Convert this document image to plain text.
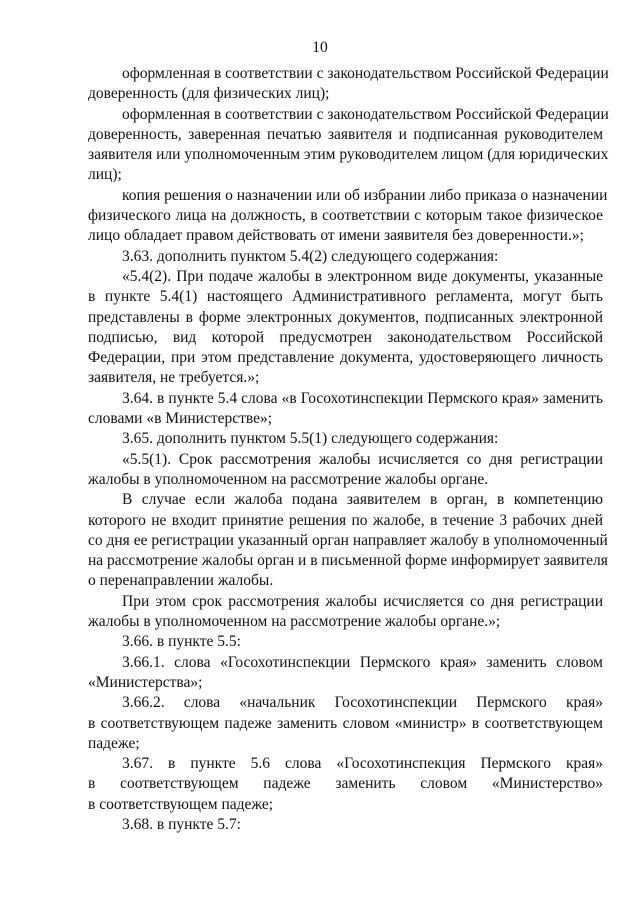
10

оформленная в соответствии с законодательством Российской Федерации
доверенность (для физических лиц);

оформленная в соответствии с законодательством Российской Федерации
доверенность, заверенная печатью заявителя и подписанная руководителем
заявителя или уполномоченным этим руководителем лицом (для юридических
лиц);

копия решения о назначении или об избрании либо приказа о назначении
физического лица на должность, в соответствии с которым такое физическое
лицо обладает правом действовать от имени заявителя без доверенности.»;

3.63. дополнить пунктом 5.4(2) следующего содержания:

«5.4(2). При подаче жалобы в электронном виде документы, указанные
в пункте 5.4(1) настоящего Административного регламента, могут быть
представлены в форме электронных документов, подписанных электронной
подписью, вид которой предусмотрен законодательством Российской
Федерации, при этом представление документа, удостоверяющего личность
заявителя, не требуется.»;

3.64. в пункте 5.4 слова «в Госохотинспекции Пермского края» заменить
словами «в Министерстве»;

3.65. дополнить пунктом 5.5(1) следующего содержания:

«5.5(1). Срок рассмотрения жалобы исчисляется со дня регистрации
жалобы в уполномоченном на рассмотрение жалобы органе.

В случае если жалоба подана заявителем в орган, в компетенцию
которого не входит принятие решения по жалобе, в течение 3 рабочих дней
со дня ее регистрации указанный орган направляет жалобу в уполномоченный
на рассмотрение жалобы орган и в письменной форме информирует заявителя
о перенаправлении жалобы.

При этом срок рассмотрения жалобы исчисляется со дня регистрации
жалобы в уполномоченном на рассмотрение жалобы органе.»;

3.66. в пункте 5.5:

3.66.1. слова «Госохотинспекции Пермского края» заменить словом
«Министерства»;

3.66.2. слова «начальник Госохотинспекции Пермского края»
в соответствующем падеже заменить словом «министр» в соответствующем
падеже;

3.67. в пункте 5.6 слова «Госохотинспекция Пермского края»
в соответствующем падеже заменить словом «Министерство»
в соответствующем падеже;

3.68. в пункте 5.7:
